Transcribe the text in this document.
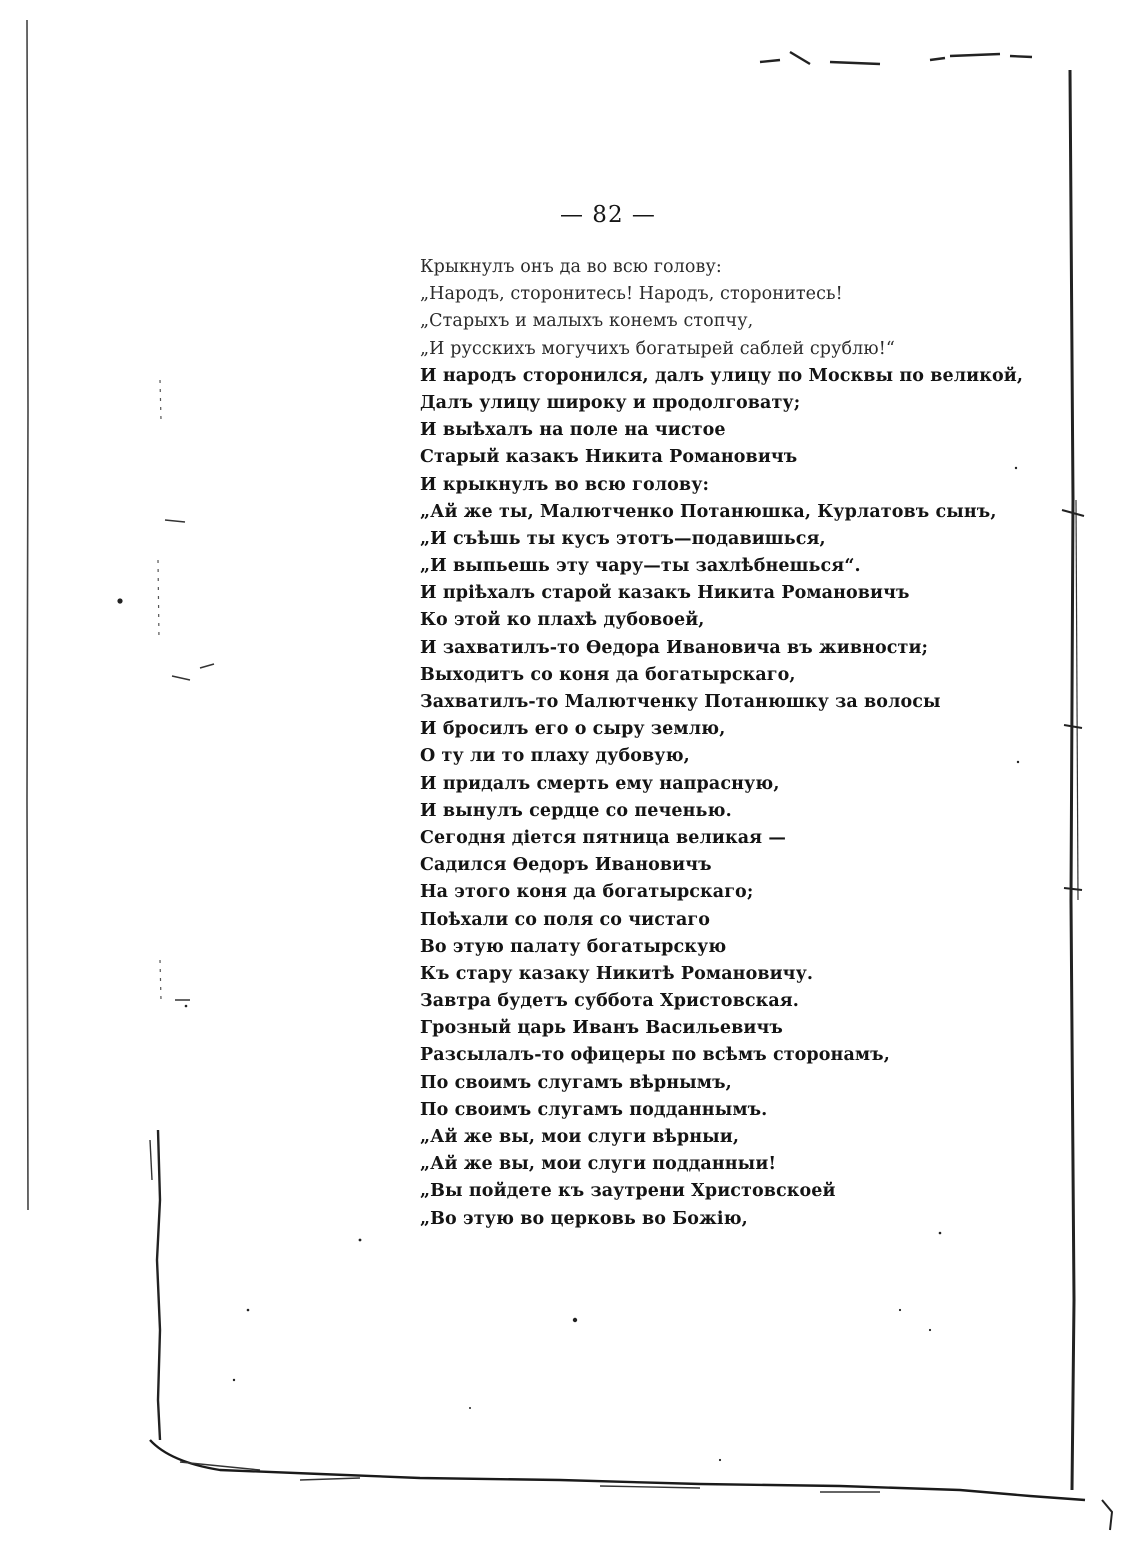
— 82 —
Крыкнулъ онъ да во всю голову:
„Народъ, сторонитесь! Народъ, сторонитесь!
„Старыхъ и малыхъ конемъ стопчу,
„И русскихъ могучихъ богатырей саблей срублю!“
И народъ сторонился, далъ улицу по Москвы по великой,
Далъ улицу широку и продолговату;
И выѣхалъ на поле на чистое
Старый казакъ Никита Романовичъ
И крыкнулъ во всю голову:
„Ай же ты, Малютченко Потанюшка, Курлатовъ сынъ,
„И съѣшь ты кусъ этотъ—подавишься,
„И выпьешь эту чару—ты захлѣбнешься“.
И пріѣхалъ старой казакъ Никита Романовичъ
Ко этой ко плахѣ дубовоей,
И захватилъ-то Ѳедора Ивановича въ живности;
Выходитъ со коня да богатырскаго,
Захватилъ-то Малютченку Потанюшку за волосы
И бросилъ его о сыру землю,
О ту ли то плаху дубовую,
И придалъ смерть ему напрасную,
И вынулъ сердце со печенью.
Сегодня діется пятница великая —
Садился Ѳедоръ Ивановичъ
На этого коня да богатырскаго;
Поѣхали со поля со чистаго
Во этую палату богатырскую
Къ стару казаку Никитѣ Романовичу.
Завтра будетъ суббота Христовская.
Грозный царь Иванъ Васильевичъ
Разсылалъ-то офицеры по всѣмъ сторонамъ,
По своимъ слугамъ вѣрнымъ,
По своимъ слугамъ подданнымъ.
„Ай же вы, мои слуги вѣрныи,
„Ай же вы, мои слуги подданныи!
„Вы пойдете къ заутрени Христовскоей
„Во этую во церковь во Божію,
